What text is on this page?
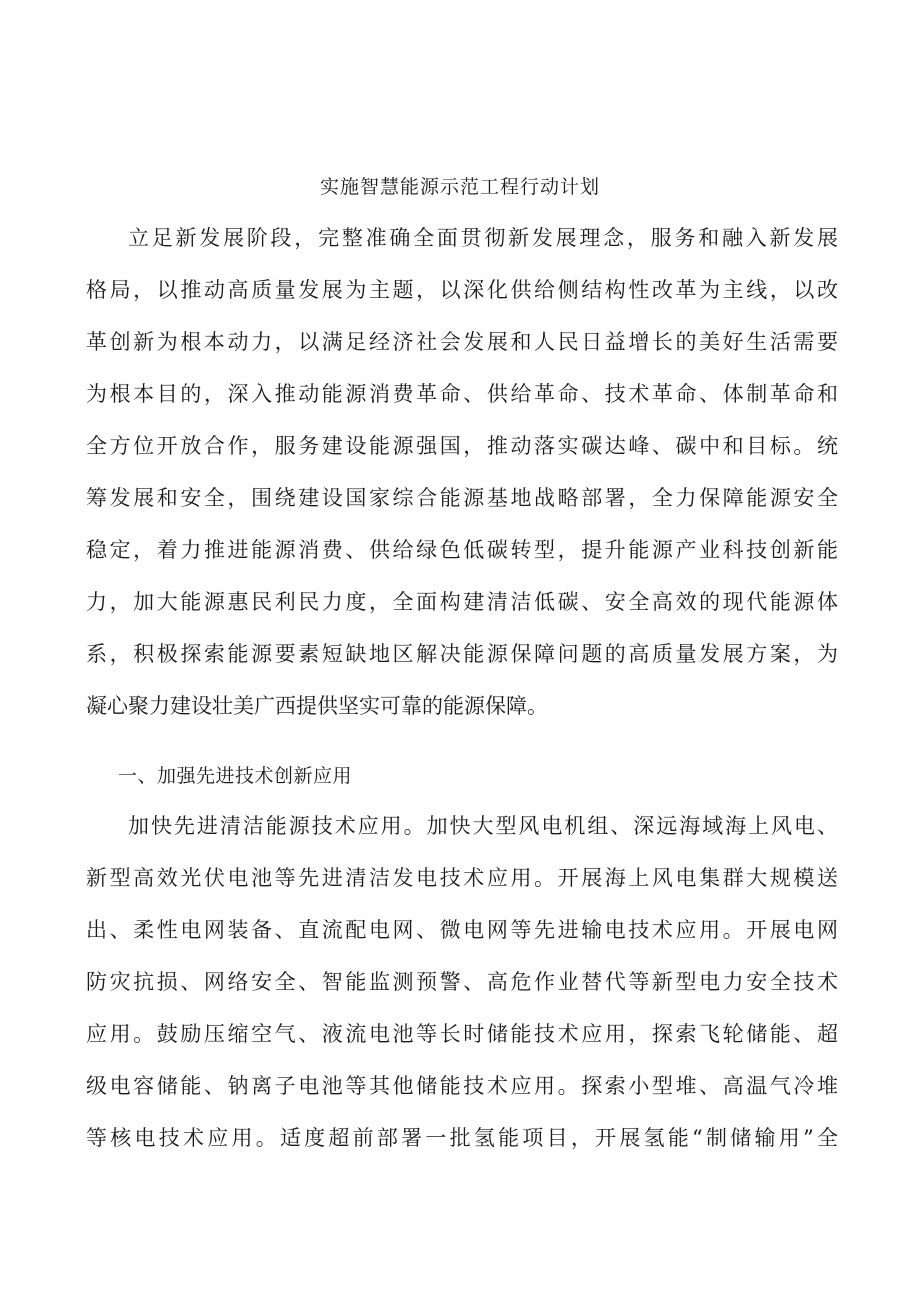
实施智慧能源示范工程行动计划
立足新发展阶段，完整准确全面贯彻新发展理念，服务和融入新发展
格局，以推动高质量发展为主题，以深化供给侧结构性改革为主线，以改
革创新为根本动力，以满足经济社会发展和人民日益增长的美好生活需要
为根本目的，深入推动能源消费革命、供给革命、技术革命、体制革命和
全方位开放合作，服务建设能源强国，推动落实碳达峰、碳中和目标。统
筹发展和安全，围绕建设国家综合能源基地战略部署，全力保障能源安全
稳定，着力推进能源消费、供给绿色低碳转型，提升能源产业科技创新能
力，加大能源惠民利民力度，全面构建清洁低碳、安全高效的现代能源体
系，积极探索能源要素短缺地区解决能源保障问题的高质量发展方案，为
凝心聚力建设壮美广西提供坚实可靠的能源保障。
一、加强先进技术创新应用
加快先进清洁能源技术应用。加快大型风电机组、深远海域海上风电、
新型高效光伏电池等先进清洁发电技术应用。开展海上风电集群大规模送
出、柔性电网装备、直流配电网、微电网等先进输电技术应用。开展电网
防灾抗损、网络安全、智能监测预警、高危作业替代等新型电力安全技术
应用。鼓励压缩空气、液流电池等长时储能技术应用，探索飞轮储能、超
级电容储能、钠离子电池等其他储能技术应用。探索小型堆、高温气冷堆
等核电技术应用。适度超前部署一批氢能项目，开展氢能“制储输用”全
